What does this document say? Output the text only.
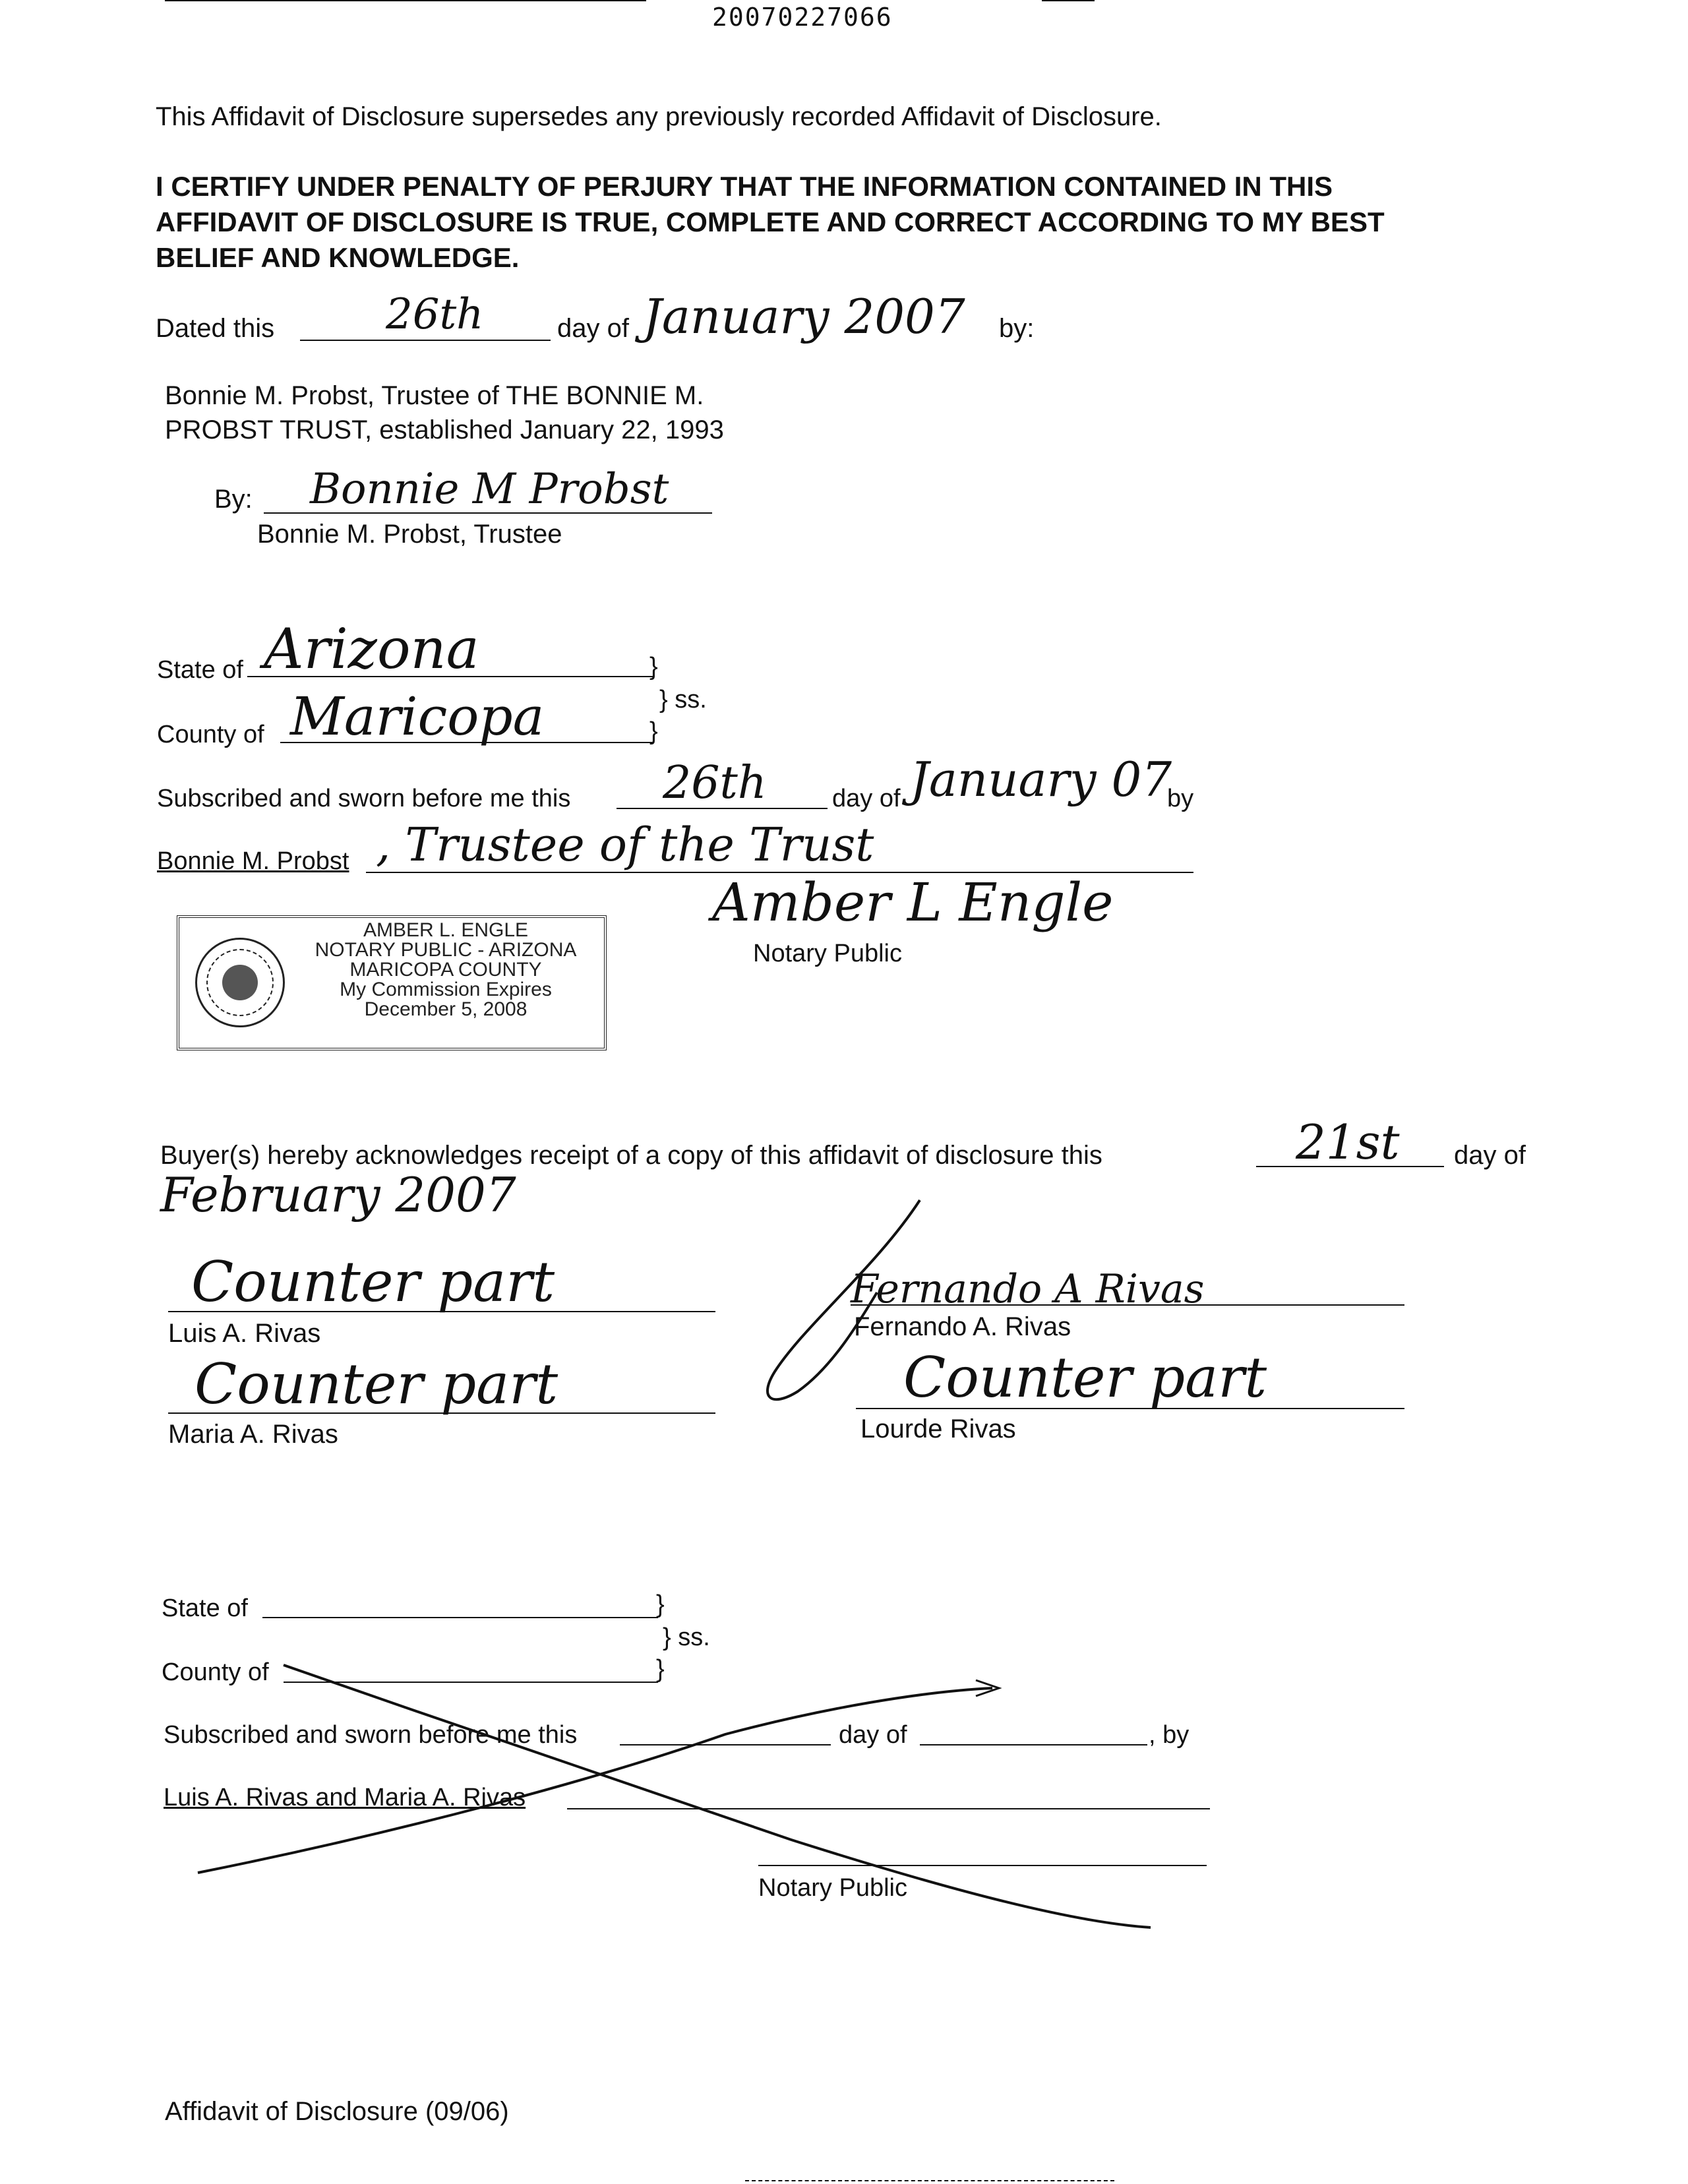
20070227066
This Affidavit of Disclosure supersedes any previously recorded Affidavit of Disclosure.
I CERTIFY UNDER PENALTY OF PERJURY THAT THE INFORMATION CONTAINED IN THIS
AFFIDAVIT OF DISCLOSURE IS TRUE, COMPLETE AND CORRECT ACCORDING TO MY BEST
BELIEF AND KNOWLEDGE.
Dated this	26th	day of January 2007 by:
Bonnie M. Probst, Trustee of THE BONNIE M.
PROBST TRUST, established January 22, 1993
By: Bonnie M Probst
Bonnie M. Probst, Trustee
State of Arizona	}
} ss.
County of Maricopa	}
Subscribed and sworn before me this 26th	day of January 07
by
Bonnie M. Probst , Trustee of the Trust
Amber L Engle
Notary Public
AMBER L. ENGLE
NOTARY PUBLIC - ARIZONA
MARICOPA COUNTY
My Commission Expires
December 5, 2008
Buyer(s) hereby acknowledges receipt of a copy of this affidavit of disclosure this	21st day of
February 2007
Counter part
Luis A. Rivas
Fernando A Rivas
Fernando A. Rivas
Counter part
Maria A. Rivas
Counter part
Lourde Rivas
State of	}
} ss.
County of	}
Subscribed and sworn before me this	day of	, by
Luis A. Rivas and Maria A. Rivas
Notary Public
Affidavit of Disclosure (09/06)
